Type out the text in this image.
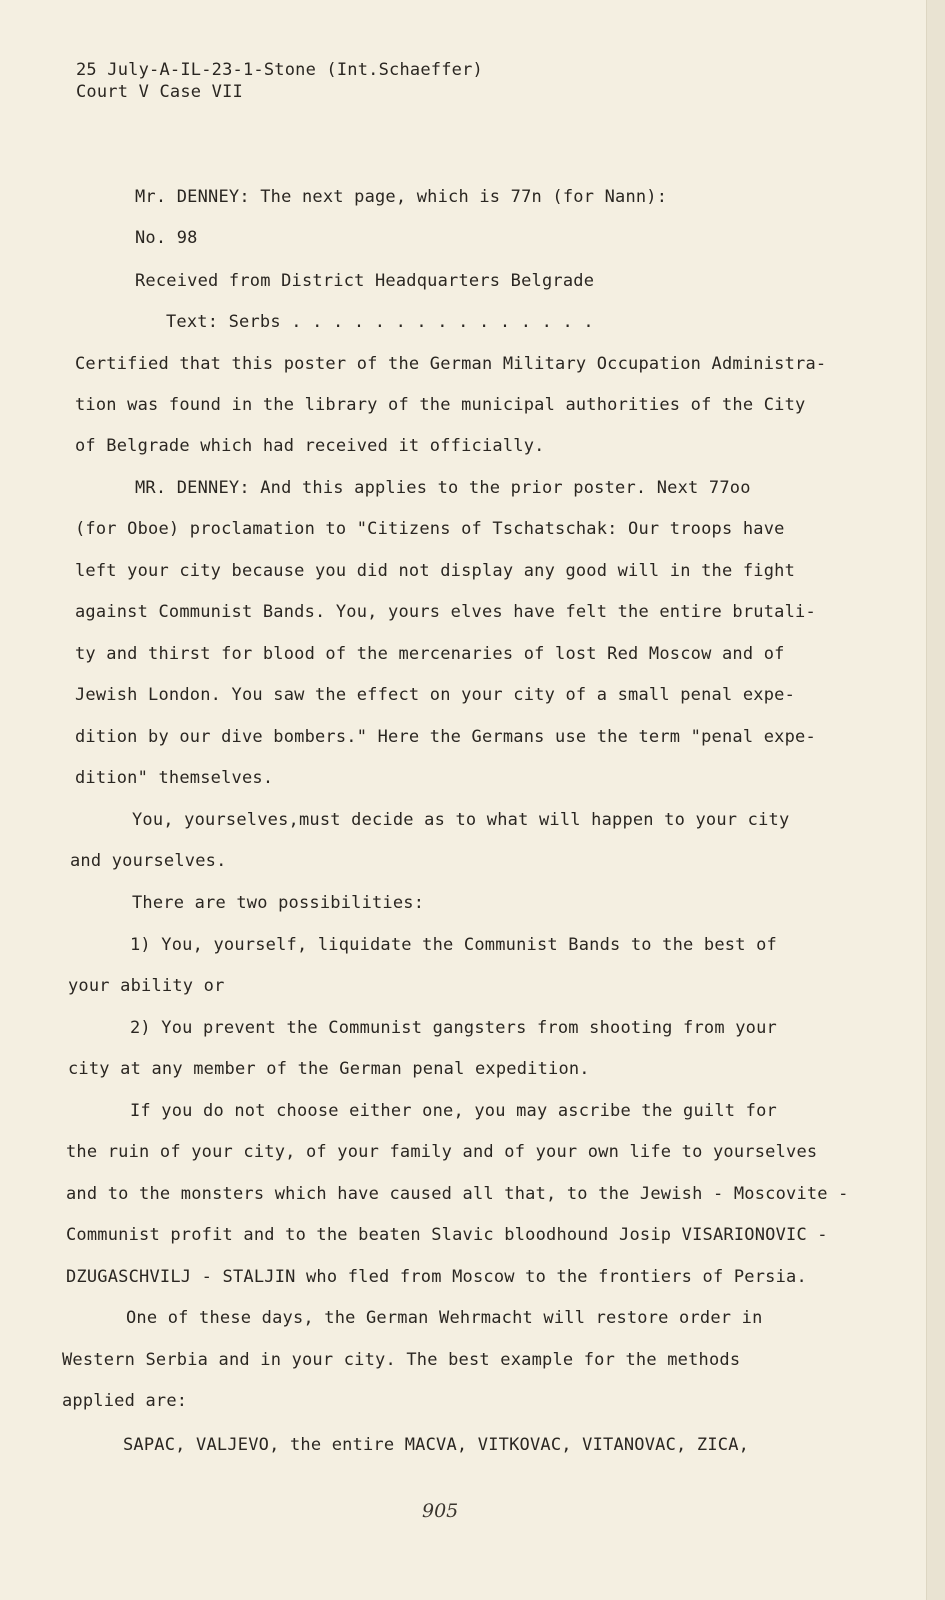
25 July-A-IL-23-1-Stone (Int.Schaeffer)
Court V Case VII
Mr. DENNEY: The next page, which is 77n (for Nann):
No. 98
Received from District Headquarters Belgrade
Text: Serbs . . . . . . . . . . . . . . .
Certified that this poster of the German Military Occupation Administra-
tion was found in the library of the municipal authorities of the City
of Belgrade which had received it officially.
MR. DENNEY: And this applies to the prior poster. Next 77oo
(for Oboe) proclamation to "Citizens of Tschatschak: Our troops have
left your city because you did not display any good will in the fight
against Communist Bands. You, yours elves have felt the entire brutali-
ty and thirst for blood of the mercenaries of lost Red Moscow and of
Jewish London. You saw the effect on your city of a small penal expe-
dition by our dive bombers." Here the Germans use the term "penal expe-
dition" themselves.
You, yourselves,must decide as to what will happen to your city
and yourselves.
There are two possibilities:
1) You, yourself, liquidate the Communist Bands to the best of
your ability or
2) You prevent the Communist gangsters from shooting from your
city at any member of the German penal expedition.
If you do not choose either one, you may ascribe the guilt for
the ruin of your city, of your family and of your own life to yourselves
and to the monsters which have caused all that, to the Jewish - Moscovite -
Communist profit and to the beaten Slavic bloodhound Josip VISARIONOVIC -
DZUGASCHVILJ - STALJIN who fled from Moscow to the frontiers of Persia.
One of these days, the German Wehrmacht will restore order in
Western Serbia and in your city. The best example for the methods
applied are:
SAPAC, VALJEVO, the entire MACVA, VITKOVAC, VITANOVAC, ZICA,
905
